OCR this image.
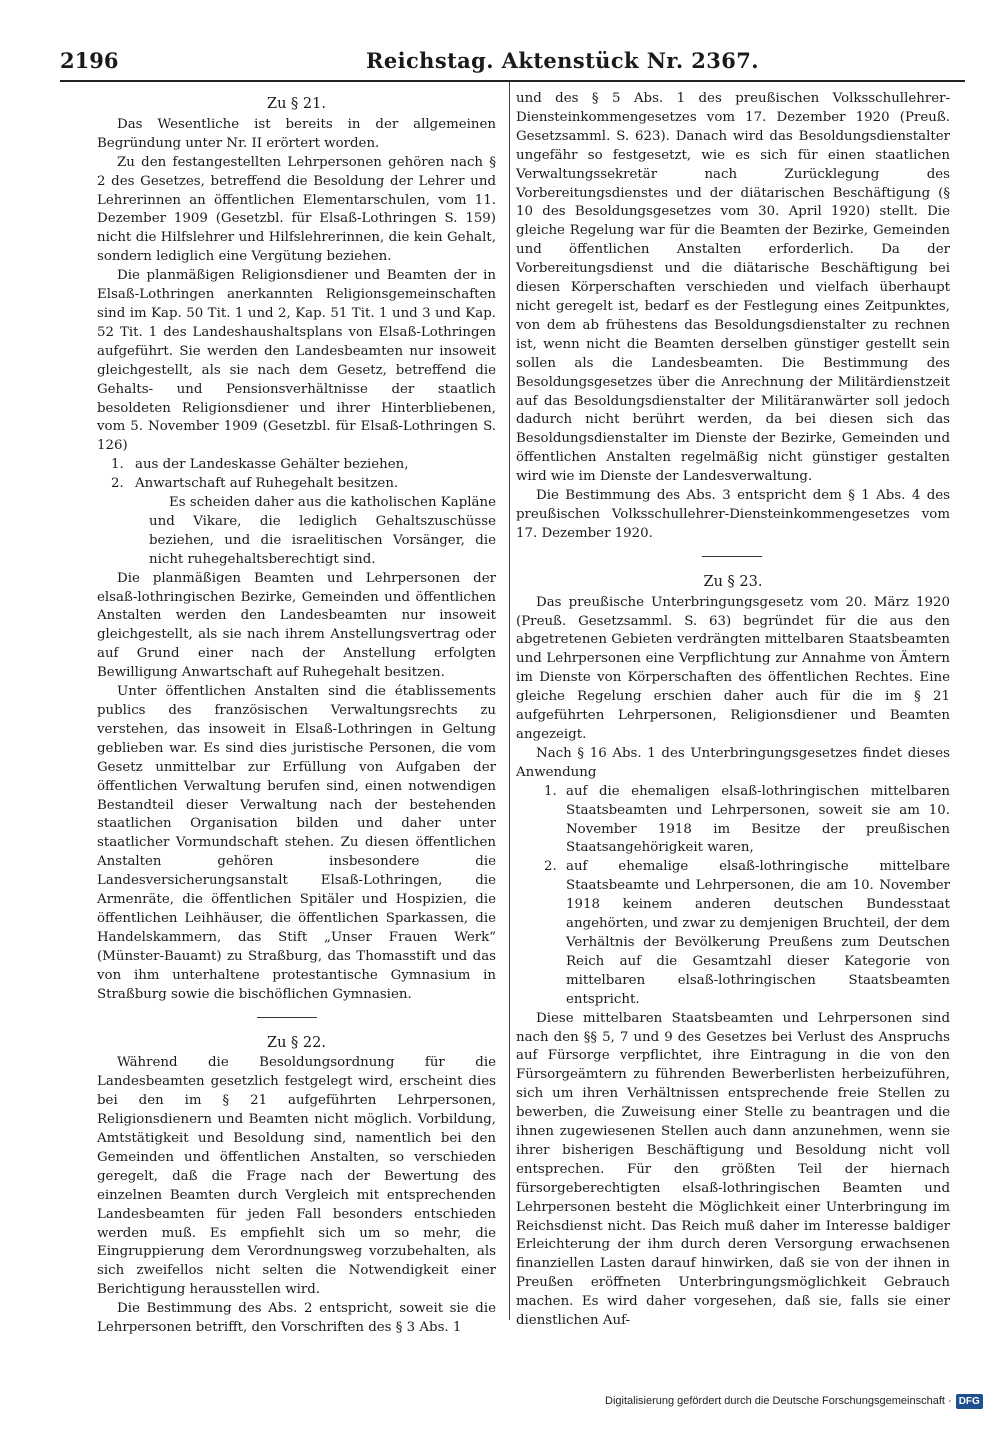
2196	Reichstag. Aktenstück Nr. 2367.

Zu § 21.

Das Wesentliche ist bereits in der allgemeinen Begründung unter Nr. II erörtert worden.

Zu den festangestellten Lehrpersonen gehören nach § 2 des Gesetzes, betreffend die Besoldung der Lehrer und Lehrerinnen an öffentlichen Elementarschulen, vom 11. Dezember 1909 (Gesetzbl. für Elsaß-Lothringen S. 159) nicht die Hilfslehrer und Hilfslehrerinnen, die kein Gehalt, sondern lediglich eine Vergütung beziehen.

Die planmäßigen Religionsdiener und Beamten der in Elsaß-Lothringen anerkannten Religionsgemeinschaften sind im Kap. 50 Tit. 1 und 2, Kap. 51 Tit. 1 und 3 und Kap. 52 Tit. 1 des Landeshaushaltsplans von Elsaß-Lothringen aufgeführt. Sie werden den Landesbeamten nur insoweit gleichgestellt, als sie nach dem Gesetz, betreffend die Gehalts- und Pensionsverhältnisse der staatlich besoldeten Religionsdiener und ihrer Hinterbliebenen, vom 5. November 1909 (Gesetzbl. für Elsaß-Lothringen S. 126)

1. aus der Landeskasse Gehälter beziehen,
2. Anwartschaft auf Ruhegehalt besitzen.

Es scheiden daher aus die katholischen Kapläne und Vikare, die lediglich Gehaltszuschüsse beziehen, und die israelitischen Vorsänger, die nicht ruhegehaltsberechtigt sind.

Die planmäßigen Beamten und Lehrpersonen der elsaß-lothringischen Bezirke, Gemeinden und öffentlichen Anstalten werden den Landesbeamten nur insoweit gleichgestellt, als sie nach ihrem Anstellungsvertrag oder auf Grund einer nach der Anstellung erfolgten Bewilligung Anwartschaft auf Ruhegehalt besitzen.

Unter öffentlichen Anstalten sind die établissements publics des französischen Verwaltungsrechts zu verstehen, das insoweit in Elsaß-Lothringen in Geltung geblieben war. Es sind dies juristische Personen, die vom Gesetz unmittelbar zur Erfüllung von Aufgaben der öffentlichen Verwaltung berufen sind, einen notwendigen Bestandteil dieser Verwaltung nach der bestehenden staatlichen Organisation bilden und daher unter staatlicher Vormundschaft stehen. Zu diesen öffentlichen Anstalten gehören insbesondere die Landesversicherungsanstalt Elsaß-Lothringen, die Armenräte, die öffentlichen Spitäler und Hospizien, die öffentlichen Leihhäuser, die öffentlichen Sparkassen, die Handelskammern, das Stift „Unser Frauen Werk“ (Münster-Bauamt) zu Straßburg, das Thomasstift und das von ihm unterhaltene protestantische Gymnasium in Straßburg sowie die bischöflichen Gymnasien.

Zu § 22.

Während die Besoldungsordnung für die Landesbeamten gesetzlich festgelegt wird, erscheint dies bei den im § 21 aufgeführten Lehrpersonen, Religionsdienern und Beamten nicht möglich. Vorbildung, Amtstätigkeit und Besoldung sind, namentlich bei den Gemeinden und öffentlichen Anstalten, so verschieden geregelt, daß die Frage nach der Bewertung des einzelnen Beamten durch Vergleich mit entsprechenden Landesbeamten für jeden Fall besonders entschieden werden muß. Es empfiehlt sich um so mehr, die Eingruppierung dem Verordnungsweg vorzubehalten, als sich zweifellos nicht selten die Notwendigkeit einer Berichtigung herausstellen wird.

Die Bestimmung des Abs. 2 entspricht, soweit sie die Lehrpersonen betrifft, den Vorschriften des § 3 Abs. 1

und des § 5 Abs. 1 des preußischen Volksschullehrer-Diensteinkommengesetzes vom 17. Dezember 1920 (Preuß. Gesetzsamml. S. 623). Danach wird das Besoldungsdienstalter ungefähr so festgesetzt, wie es sich für einen staatlichen Verwaltungssekretär nach Zurücklegung des Vorbereitungsdienstes und der diätarischen Beschäftigung (§ 10 des Besoldungsgesetzes vom 30. April 1920) stellt. Die gleiche Regelung war für die Beamten der Bezirke, Gemeinden und öffentlichen Anstalten erforderlich. Da der Vorbereitungsdienst und die diätarische Beschäftigung bei diesen Körperschaften verschieden und vielfach überhaupt nicht geregelt ist, bedarf es der Festlegung eines Zeitpunktes, von dem ab frühestens das Besoldungsdienstalter zu rechnen ist, wenn nicht die Beamten derselben günstiger gestellt sein sollen als die Landesbeamten. Die Bestimmung des Besoldungsgesetzes über die Anrechnung der Militärdienstzeit auf das Besoldungsdienstalter der Militäranwärter soll jedoch dadurch nicht berührt werden, da bei diesen sich das Besoldungsdienstalter im Dienste der Bezirke, Gemeinden und öffentlichen Anstalten regelmäßig nicht günstiger gestalten wird wie im Dienste der Landesverwaltung.

Die Bestimmung des Abs. 3 entspricht dem § 1 Abs. 4 des preußischen Volksschullehrer-Diensteinkommengesetzes vom 17. Dezember 1920.

Zu § 23.

Das preußische Unterbringungsgesetz vom 20. März 1920 (Preuß. Gesetzsamml. S. 63) begründet für die aus den abgetretenen Gebieten verdrängten mittelbaren Staatsbeamten und Lehrpersonen eine Verpflichtung zur Annahme von Ämtern im Dienste von Körperschaften des öffentlichen Rechtes. Eine gleiche Regelung erschien daher auch für die im § 21 aufgeführten Lehrpersonen, Religionsdiener und Beamten angezeigt.

Nach § 16 Abs. 1 des Unterbringungsgesetzes findet dieses Anwendung

1. auf die ehemaligen elsaß-lothringischen mittelbaren Staatsbeamten und Lehrpersonen, soweit sie am 10. November 1918 im Besitze der preußischen Staatsangehörigkeit waren,
2. auf ehemalige elsaß-lothringische mittelbare Staatsbeamte und Lehrpersonen, die am 10. November 1918 keinem anderen deutschen Bundesstaat angehörten, und zwar zu demjenigen Bruchteil, der dem Verhältnis der Bevölkerung Preußens zum Deutschen Reich auf die Gesamtzahl dieser Kategorie von mittelbaren elsaß-lothringischen Staatsbeamten entspricht.

Diese mittelbaren Staatsbeamten und Lehrpersonen sind nach den §§ 5, 7 und 9 des Gesetzes bei Verlust des Anspruchs auf Fürsorge verpflichtet, ihre Eintragung in die von den Fürsorgeämtern zu führenden Bewerberlisten herbeizuführen, sich um ihren Verhältnissen entsprechende freie Stellen zu bewerben, die Zuweisung einer Stelle zu beantragen und die ihnen zugewiesenen Stellen auch dann anzunehmen, wenn sie ihrer bisherigen Beschäftigung und Besoldung nicht voll entsprechen. Für den größten Teil der hiernach fürsorgeberechtigten elsaß-lothringischen Beamten und Lehrpersonen besteht die Möglichkeit einer Unterbringung im Reichsdienst nicht. Das Reich muß daher im Interesse baldiger Erleichterung der ihm durch deren Versorgung erwachsenen finanziellen Lasten darauf hinwirken, daß sie von der ihnen in Preußen eröffneten Unterbringungsmöglichkeit Gebrauch machen. Es wird daher vorgesehen, daß sie, falls sie einer dienstlichen Auf-

Digitalisierung gefördert durch die Deutsche Forschungsgemeinschaft · DFG
